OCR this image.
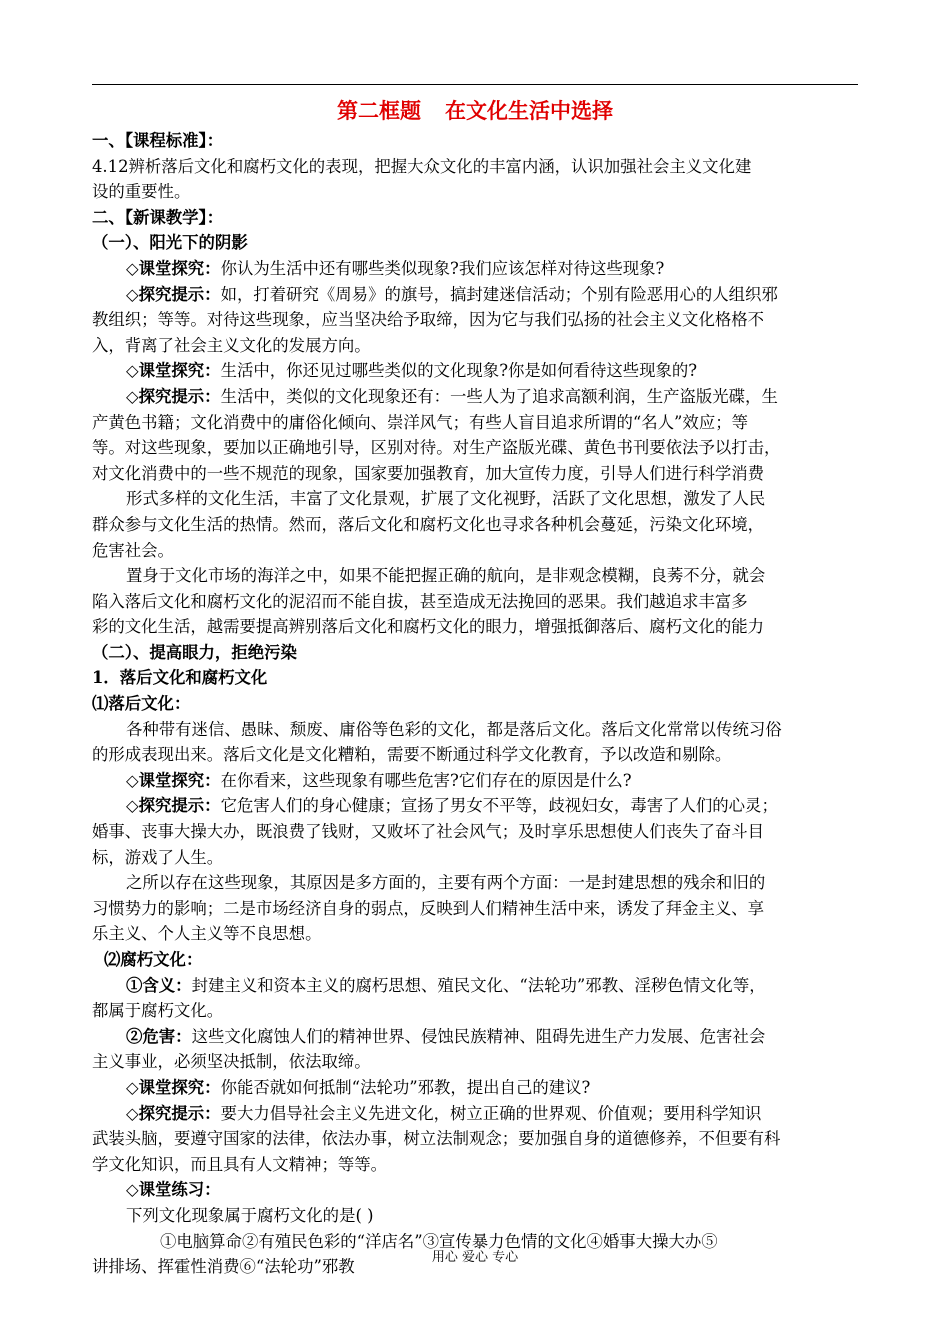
第二框题 在文化生活中选择
一、【课程标准】：
4.12辨析落后文化和腐朽文化的表现，把握大众文化的丰富内涵，认识加强社会主义文化建
设的重要性。
二、【新课教学】：
（一）、阳光下的阴影
◇课堂探究：你认为生活中还有哪些类似现象?我们应该怎样对待这些现象?
◇探究提示：如，打着研究《周易》的旗号，搞封建迷信活动；个别有险恶用心的人组织邪
教组织；等等。对待这些现象，应当坚决给予取缔，因为它与我们弘扬的社会主义文化格格不
入，背离了社会主义文化的发展方向。
◇课堂探究：生活中，你还见过哪些类似的文化现象?你是如何看待这些现象的?
◇探究提示：生活中，类似的文化现象还有：一些人为了追求高额利润，生产盗版光碟，生
产黄色书籍；文化消费中的庸俗化倾向、崇洋风气；有些人盲目追求所谓的“名人”效应；等
等。对这些现象，要加以正确地引导，区别对待。对生产盗版光碟、黄色书刊要依法予以打击，
对文化消费中的一些不规范的现象，国家要加强教育，加大宣传力度，引导人们进行科学消费
形式多样的文化生活，丰富了文化景观，扩展了文化视野，活跃了文化思想，激发了人民
群众参与文化生活的热情。然而，落后文化和腐朽文化也寻求各种机会蔓延，污染文化环境，
危害社会。
置身于文化市场的海洋之中，如果不能把握正确的航向，是非观念模糊，良莠不分，就会
陷入落后文化和腐朽文化的泥沼而不能自拔，甚至造成无法挽回的恶果。我们越追求丰富多
彩的文化生活，越需要提高辨别落后文化和腐朽文化的眼力，增强抵御落后、腐朽文化的能力
（二）、提高眼力，拒绝污染
1．落后文化和腐朽文化
⑴落后文化：
各种带有迷信、愚昧、颓废、庸俗等色彩的文化，都是落后文化。落后文化常常以传统习俗
的形成表现出来。落后文化是文化糟粕，需要不断通过科学文化教育，予以改造和剔除。
◇课堂探究：在你看来，这些现象有哪些危害?它们存在的原因是什么?
◇探究提示：它危害人们的身心健康；宣扬了男女不平等，歧视妇女，毒害了人们的心灵；
婚事、丧事大操大办，既浪费了钱财，又败坏了社会风气；及时享乐思想使人们丧失了奋斗目
标，游戏了人生。
之所以存在这些现象，其原因是多方面的，主要有两个方面：一是封建思想的残余和旧的
习惯势力的影响；二是市场经济自身的弱点，反映到人们精神生活中来，诱发了拜金主义、享
乐主义、个人主义等不良思想。
⑵腐朽文化：
①含义：封建主义和资本主义的腐朽思想、殖民文化、“法轮功”邪教、淫秽色情文化等，
都属于腐朽文化。
②危害：这些文化腐蚀人们的精神世界、侵蚀民族精神、阻碍先进生产力发展、危害社会
主义事业，必须坚决抵制，依法取缔。
◇课堂探究：你能否就如何抵制“法轮功”邪教，提出自己的建议?
◇探究提示：要大力倡导社会主义先进文化，树立正确的世界观、价值观；要用科学知识
武装头脑，要遵守国家的法律，依法办事，树立法制观念；要加强自身的道德修养，不但要有科
学文化知识，而且具有人文精神；等等。
◇课堂练习：
下列文化现象属于腐朽文化的是( )
①电脑算命②有殖民色彩的“洋店名”③宣传暴力色情的文化④婚事大操大办⑤
讲排场、挥霍性消费⑥“法轮功”邪教	用心 爱心 专心
